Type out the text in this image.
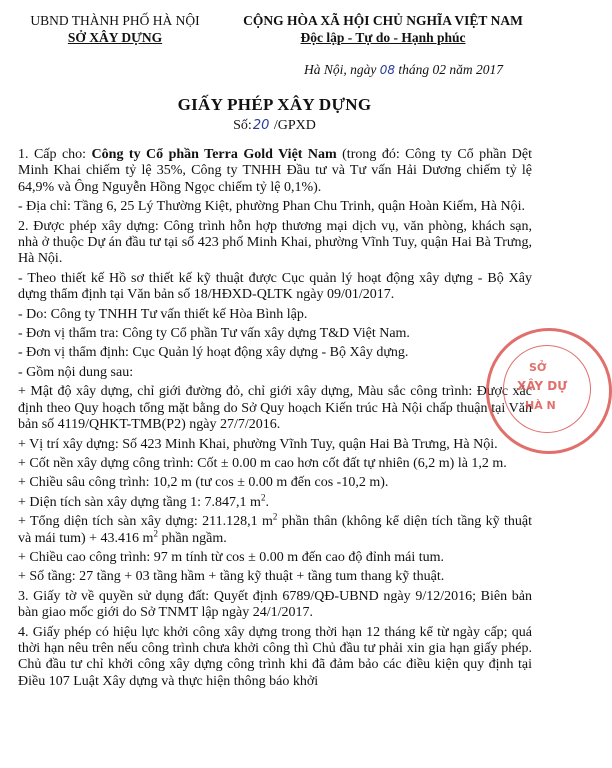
UBND THÀNH PHỐ HÀ NỘI
SỞ XÂY DỰNG
CỘNG HÒA XÃ HỘI CHỦ NGHĨA VIỆT NAM
Độc lập - Tự do - Hạnh phúc
Hà Nội, ngày 08 tháng 02 năm 2017
GIẤY PHÉP XÂY DỰNG
Số:20 /GPXD

1. Cấp cho: Công ty Cổ phần Terra Gold Việt Nam (trong đó: Công ty Cổ phần Dệt Minh Khai chiếm tỷ lệ 35%, Công ty TNHH Đầu tư và Tư vấn Hải Dương chiếm tỷ lệ 64,9% và Ông Nguyễn Hồng Ngọc chiếm tỷ lệ 0,1%).

- Địa chỉ: Tầng 6, 25 Lý Thường Kiệt, phường Phan Chu Trinh, quận Hoàn Kiếm, Hà Nội.

2. Được phép xây dựng: Công trình hỗn hợp thương mại dịch vụ, văn phòng, khách sạn, nhà ở thuộc Dự án đầu tư tại số 423 phố Minh Khai, phường Vĩnh Tuy, quận Hai Bà Trưng, Hà Nội.

- Theo thiết kế Hồ sơ thiết kế kỹ thuật được Cục quản lý hoạt động xây dựng - Bộ Xây dựng thẩm định tại Văn bản số 18/HĐXD-QLTK ngày 09/01/2017.

- Do: Công ty TNHH Tư vấn thiết kế Hòa Bình lập.

- Đơn vị thẩm tra: Công ty Cổ phần Tư vấn xây dựng T&D Việt Nam.

- Đơn vị thẩm định: Cục Quản lý hoạt động xây dựng - Bộ Xây dựng.

- Gồm nội dung sau:

+ Mật độ xây dựng, chỉ giới đường đỏ, chỉ giới xây dựng, Màu sắc công trình: Được xác định theo Quy hoạch tổng mặt bằng do Sở Quy hoạch Kiến trúc Hà Nội chấp thuận tại Văn bản số 4119/QHKT-TMB(P2) ngày 27/7/2016.

+ Vị trí xây dựng: Số 423 Minh Khai, phường Vĩnh Tuy, quận Hai Bà Trưng, Hà Nội.

+ Cốt nền xây dựng công trình: Cốt ± 0.00 m cao hơn cốt đất tự nhiên (6,2 m) là 1,2 m.

+ Chiều sâu công trình: 10,2 m (tư cos ± 0.00 m đến cos -10,2 m).

+ Diện tích sàn xây dựng tầng 1: 7.847,1 $m^2$.

+ Tổng diện tích sàn xây dựng: 211.128,1 $m^2$ phần thân (không kể diện tích tầng kỹ thuật và mái tum) + 43.416 $m^2$ phần ngầm.

+ Chiều cao công trình: 97 m tính từ cos ± 0.00 m đến cao độ đỉnh mái tum.

+ Số tầng: 27 tầng + 03 tầng hầm + tầng kỹ thuật + tầng tum thang kỹ thuật.

3. Giấy tờ về quyền sử dụng đất: Quyết định 6789/QĐ-UBND ngày 9/12/2016; Biên bản bàn giao mốc giới do Sở TNMT lập ngày 24/1/2017.

4. Giấy phép có hiệu lực khởi công xây dựng trong thời hạn 12 tháng kể từ ngày cấp; quá thời hạn nêu trên nếu công trình chưa khởi công thì Chủ đầu tư phải xin gia hạn giấy phép. Chủ đầu tư chỉ khởi công xây dựng công trình khi đã đảm bảo các điều kiện quy định tại Điều 107 Luật Xây dựng và thực hiện thông báo khởi

SỞ
XÂY DỰ
HÀ N
